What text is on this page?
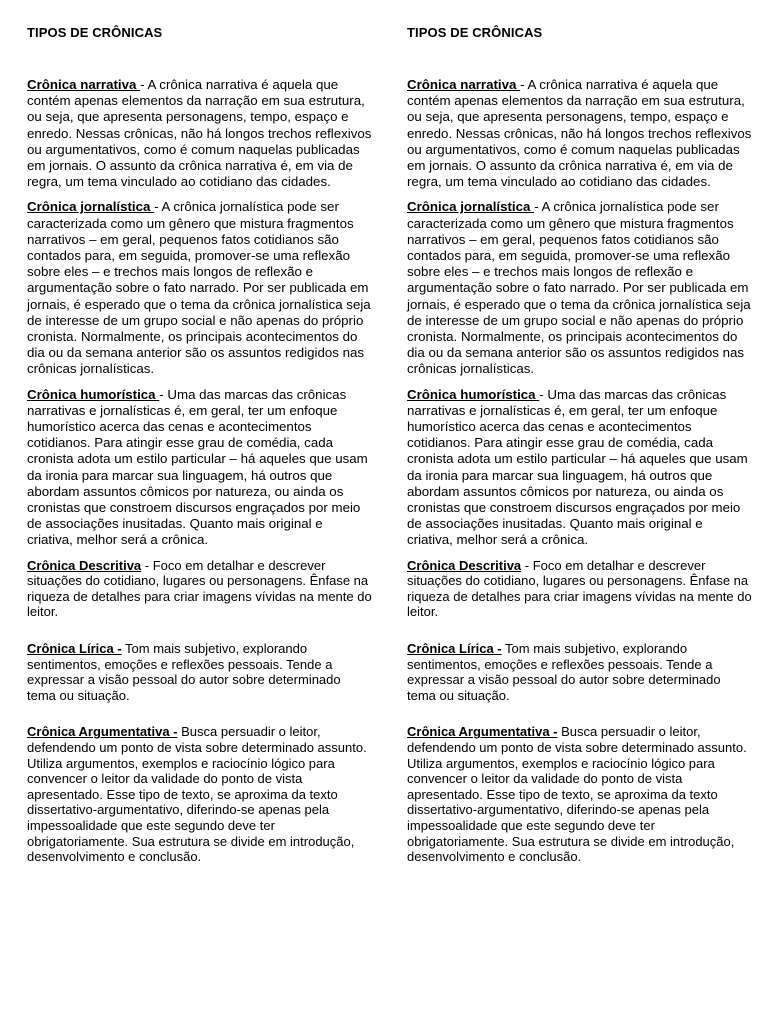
TIPOS DE CRÔNICAS

Crônica narrativa - A crônica narrativa é aquela que contém apenas elementos da narração em sua estrutura, ou seja, que apresenta personagens, tempo, espaço e enredo. Nessas crônicas, não há longos trechos reflexivos ou argumentativos, como é comum naquelas publicadas em jornais. O assunto da crônica narrativa é, em via de regra, um tema vinculado ao cotidiano das cidades.

Crônica jornalística - A crônica jornalística pode ser caracterizada como um gênero que mistura fragmentos narrativos – em geral, pequenos fatos cotidianos são contados para, em seguida, promover-se uma reflexão sobre eles – e trechos mais longos de reflexão e argumentação sobre o fato narrado. Por ser publicada em jornais, é esperado que o tema da crônica jornalística seja de interesse de um grupo social e não apenas do próprio cronista. Normalmente, os principais acontecimentos do dia ou da semana anterior são os assuntos redigidos nas crônicas jornalísticas.

Crônica humorística - Uma das marcas das crônicas narrativas e jornalísticas é, em geral, ter um enfoque humorístico acerca das cenas e acontecimentos cotidianos. Para atingir esse grau de comédia, cada cronista adota um estilo particular – há aqueles que usam da ironia para marcar sua linguagem, há outros que abordam assuntos cômicos por natureza, ou ainda os cronistas que constroem discursos engraçados por meio de associações inusitadas. Quanto mais original e criativa, melhor será a crônica.

Crônica Descritiva - Foco em detalhar e descrever situações do cotidiano, lugares ou personagens. Ênfase na riqueza de detalhes para criar imagens vívidas na mente do leitor.

Crônica Lírica - Tom mais subjetivo, explorando sentimentos, emoções e reflexões pessoais. Tende a expressar a visão pessoal do autor sobre determinado tema ou situação.

Crônica Argumentativa - Busca persuadir o leitor, defendendo um ponto de vista sobre determinado assunto. Utiliza argumentos, exemplos e raciocínio lógico para convencer o leitor da validade do ponto de vista apresentado. Esse tipo de texto, se aproxima da texto dissertativo-argumentativo, diferindo-se apenas pela impessoalidade que este segundo deve ter obrigatoriamente. Sua estrutura se divide em introdução, desenvolvimento e conclusão.

TIPOS DE CRÔNICAS

Crônica narrativa - A crônica narrativa é aquela que contém apenas elementos da narração em sua estrutura, ou seja, que apresenta personagens, tempo, espaço e enredo. Nessas crônicas, não há longos trechos reflexivos ou argumentativos, como é comum naquelas publicadas em jornais. O assunto da crônica narrativa é, em via de regra, um tema vinculado ao cotidiano das cidades.

Crônica jornalística - A crônica jornalística pode ser caracterizada como um gênero que mistura fragmentos narrativos – em geral, pequenos fatos cotidianos são contados para, em seguida, promover-se uma reflexão sobre eles – e trechos mais longos de reflexão e argumentação sobre o fato narrado. Por ser publicada em jornais, é esperado que o tema da crônica jornalística seja de interesse de um grupo social e não apenas do próprio cronista. Normalmente, os principais acontecimentos do dia ou da semana anterior são os assuntos redigidos nas crônicas jornalísticas.

Crônica humorística - Uma das marcas das crônicas narrativas e jornalísticas é, em geral, ter um enfoque humorístico acerca das cenas e acontecimentos cotidianos. Para atingir esse grau de comédia, cada cronista adota um estilo particular – há aqueles que usam da ironia para marcar sua linguagem, há outros que abordam assuntos cômicos por natureza, ou ainda os cronistas que constroem discursos engraçados por meio de associações inusitadas. Quanto mais original e criativa, melhor será a crônica.

Crônica Descritiva - Foco em detalhar e descrever situações do cotidiano, lugares ou personagens. Ênfase na riqueza de detalhes para criar imagens vívidas na mente do leitor.

Crônica Lírica - Tom mais subjetivo, explorando sentimentos, emoções e reflexões pessoais. Tende a expressar a visão pessoal do autor sobre determinado tema ou situação.

Crônica Argumentativa - Busca persuadir o leitor, defendendo um ponto de vista sobre determinado assunto. Utiliza argumentos, exemplos e raciocínio lógico para convencer o leitor da validade do ponto de vista apresentado. Esse tipo de texto, se aproxima da texto dissertativo-argumentativo, diferindo-se apenas pela impessoalidade que este segundo deve ter obrigatoriamente. Sua estrutura se divide em introdução, desenvolvimento e conclusão.
